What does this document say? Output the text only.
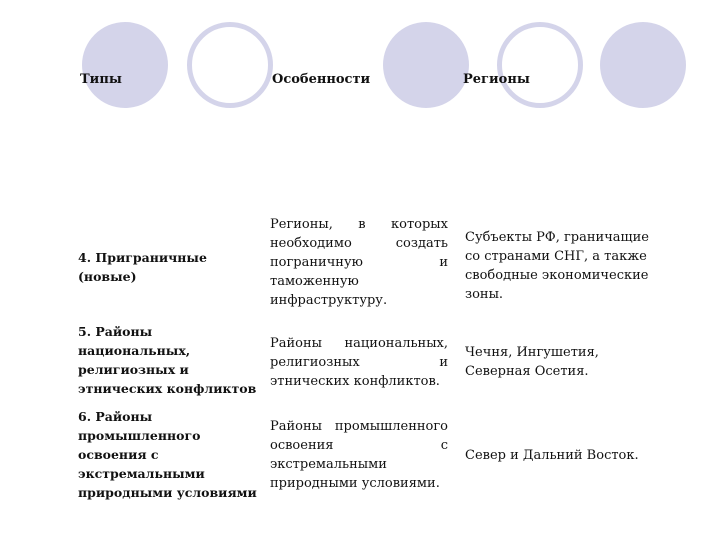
Типы	Особенности	Регионы
4. Приграничные (новые)
Регионы, в которых необходимо создать пограничную и таможенную инфраструктуру.
Субъекты РФ, граничащие со странами СНГ, а также свободные экономические зоны.
5. Районы национальных, религиозных и этнических конфликтов
Районы национальных, религиозных и этнических конфликтов.
Чечня, Ингушетия, Северная Осетия.
6. Районы промышленного освоения с экстремальными природными условиями
Районы промышленного освоения с экстремальными природными условиями.
Север и Дальний Восток.
